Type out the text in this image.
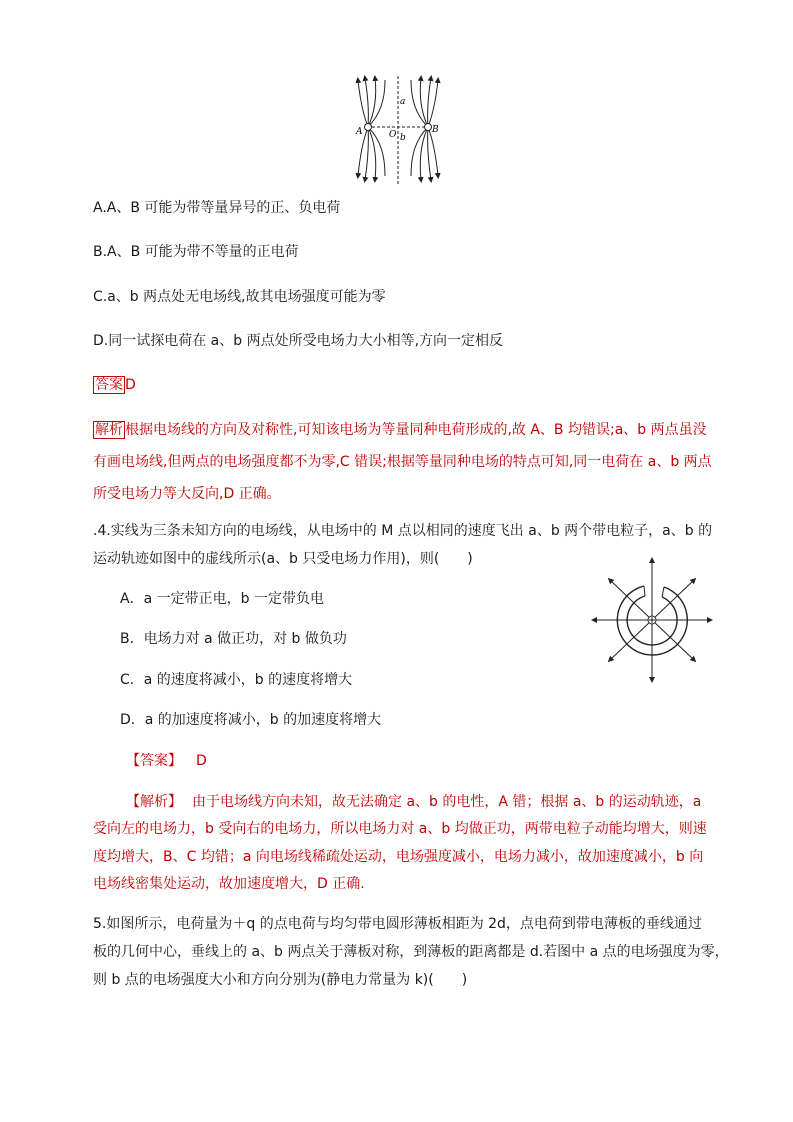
A	B
O
a
b
A.A、B 可能为带等量异号的正、负电荷
B.A、B 可能为带不等量的正电荷
C.a、b 两点处无电场线,故其电场强度可能为零
D.同一试探电荷在 a、b 两点处所受电场力大小相等,方向一定相反
答案 D
解析 根据电场线的方向及对称性,可知该电场为等量同种电荷形成的,故 A、B 均错误;a、b 两点虽没
有画电场线,但两点的电场强度都不为零,C 错误;根据等量同种电场的特点可知,同一电荷在 a、b 两点
所受电场力等大反向,D 正确。
.4.实线为三条未知方向的电场线，从电场中的 M 点以相同的速度飞出 a、b 两个带电粒子，a、b 的
运动轨迹如图中的虚线所示(a、b 只受电场力作用)，则(　　)
A．a 一定带正电，b 一定带负电
B．电场力对 a 做正功，对 b 做负功
C．a 的速度将减小，b 的速度将增大
D．a 的加速度将减小，b 的加速度将增大
【答案】 D
【解析】 由于电场线方向未知，故无法确定 a、b 的电性，A 错；根据 a、b 的运动轨迹，a
受向左的电场力，b 受向右的电场力，所以电场力对 a、b 均做正功，两带电粒子动能均增大，则速
度均增大，B、C 均错；a 向电场线稀疏处运动，电场强度减小，电场力减小，故加速度减小，b 向
电场线密集处运动，故加速度增大，D 正确.
5.如图所示，电荷量为＋q 的点电荷与均匀带电圆形薄板相距为 2d，点电荷到带电薄板的垂线通过
板的几何中心，垂线上的 a、b 两点关于薄板对称，到薄板的距离都是 d.若图中 a 点的电场强度为零，
则 b 点的电场强度大小和方向分别为(静电力常量为 k)(　　)
